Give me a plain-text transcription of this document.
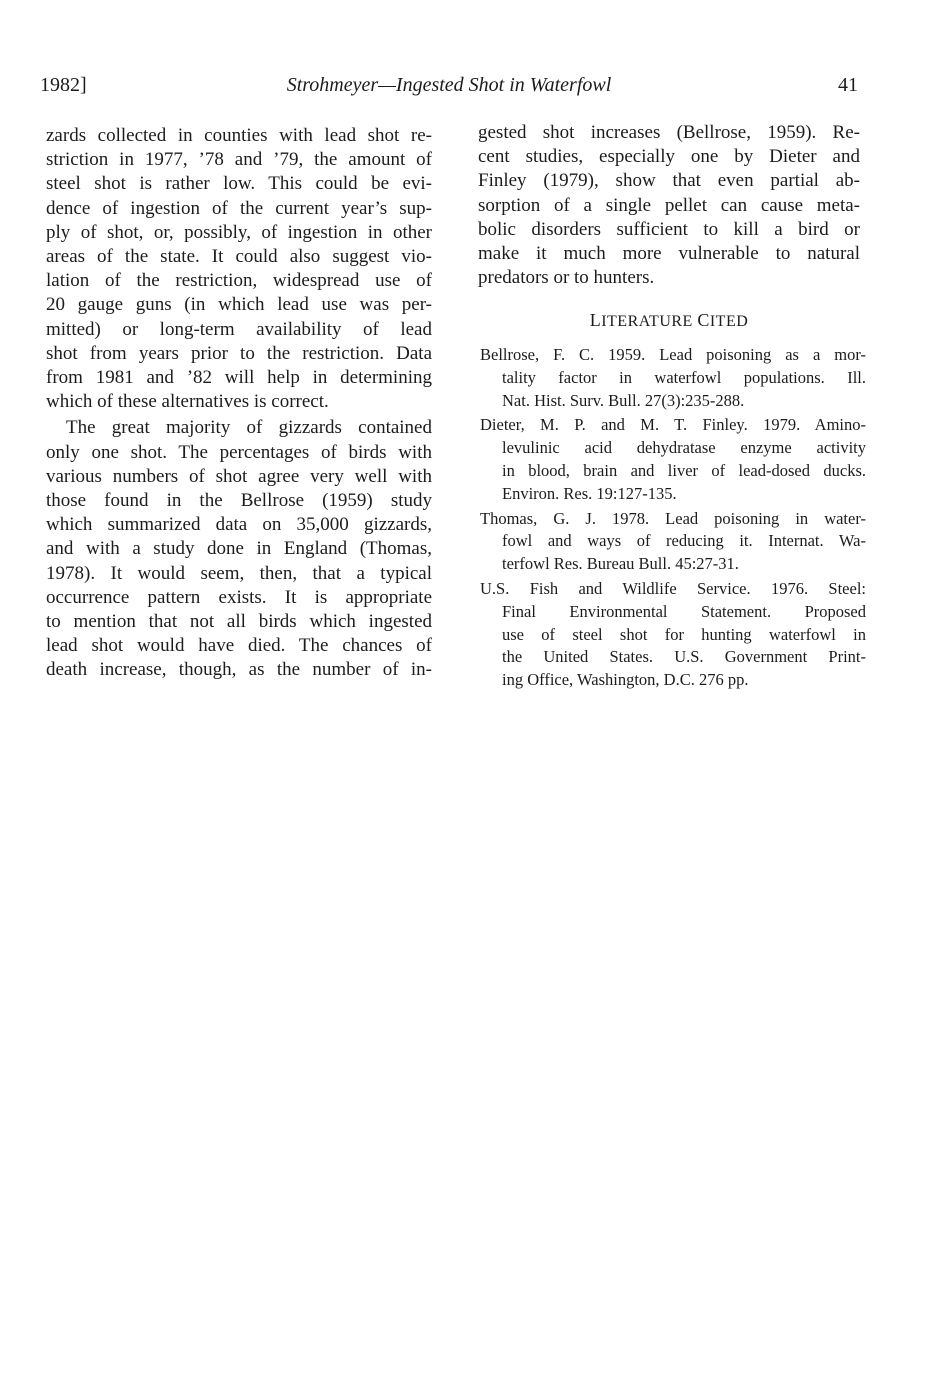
1982]	Strohmeyer—Ingested Shot in Waterfowl	41

zards collected in counties with lead shot re-
striction in 1977, ’78 and ’79, the amount of
steel shot is rather low. This could be evi-
dence of ingestion of the current year’s sup-
ply of shot, or, possibly, of ingestion in other
areas of the state. It could also suggest vio-
lation of the restriction, widespread use of
20 gauge guns (in which lead use was per-
mitted) or long-term availability of lead
shot from years prior to the restriction. Data
from 1981 and ’82 will help in determining
which of these alternatives is correct.

The great majority of gizzards contained
only one shot. The percentages of birds with
various numbers of shot agree very well with
those found in the Bellrose (1959) study
which summarized data on 35,000 gizzards,
and with a study done in England (Thomas,
1978). It would seem, then, that a typical
occurrence pattern exists. It is appropriate
to mention that not all birds which ingested
lead shot would have died. The chances of
death increase, though, as the number of in-

gested shot increases (Bellrose, 1959). Re-
cent studies, especially one by Dieter and
Finley (1979), show that even partial ab-
sorption of a single pellet can cause meta-
bolic disorders sufficient to kill a bird or
make it much more vulnerable to natural
predators or to hunters.

LITERATURE CITED
Bellrose, F. C. 1959. Lead poisoning as a mor-
tality factor in waterfowl populations. Ill.
Nat. Hist. Surv. Bull. 27(3):235-288.
Dieter, M. P. and M. T. Finley. 1979. Amino-
levulinic acid dehydratase enzyme activity
in blood, brain and liver of lead-dosed ducks.
Environ. Res. 19:127-135.
Thomas, G. J. 1978. Lead poisoning in water-
fowl and ways of reducing it. Internat. Wa-
terfowl Res. Bureau Bull. 45:27-31.
U.S. Fish and Wildlife Service. 1976. Steel:
Final Environmental Statement. Proposed
use of steel shot for hunting waterfowl in
the United States. U.S. Government Print-
ing Office, Washington, D.C. 276 pp.
